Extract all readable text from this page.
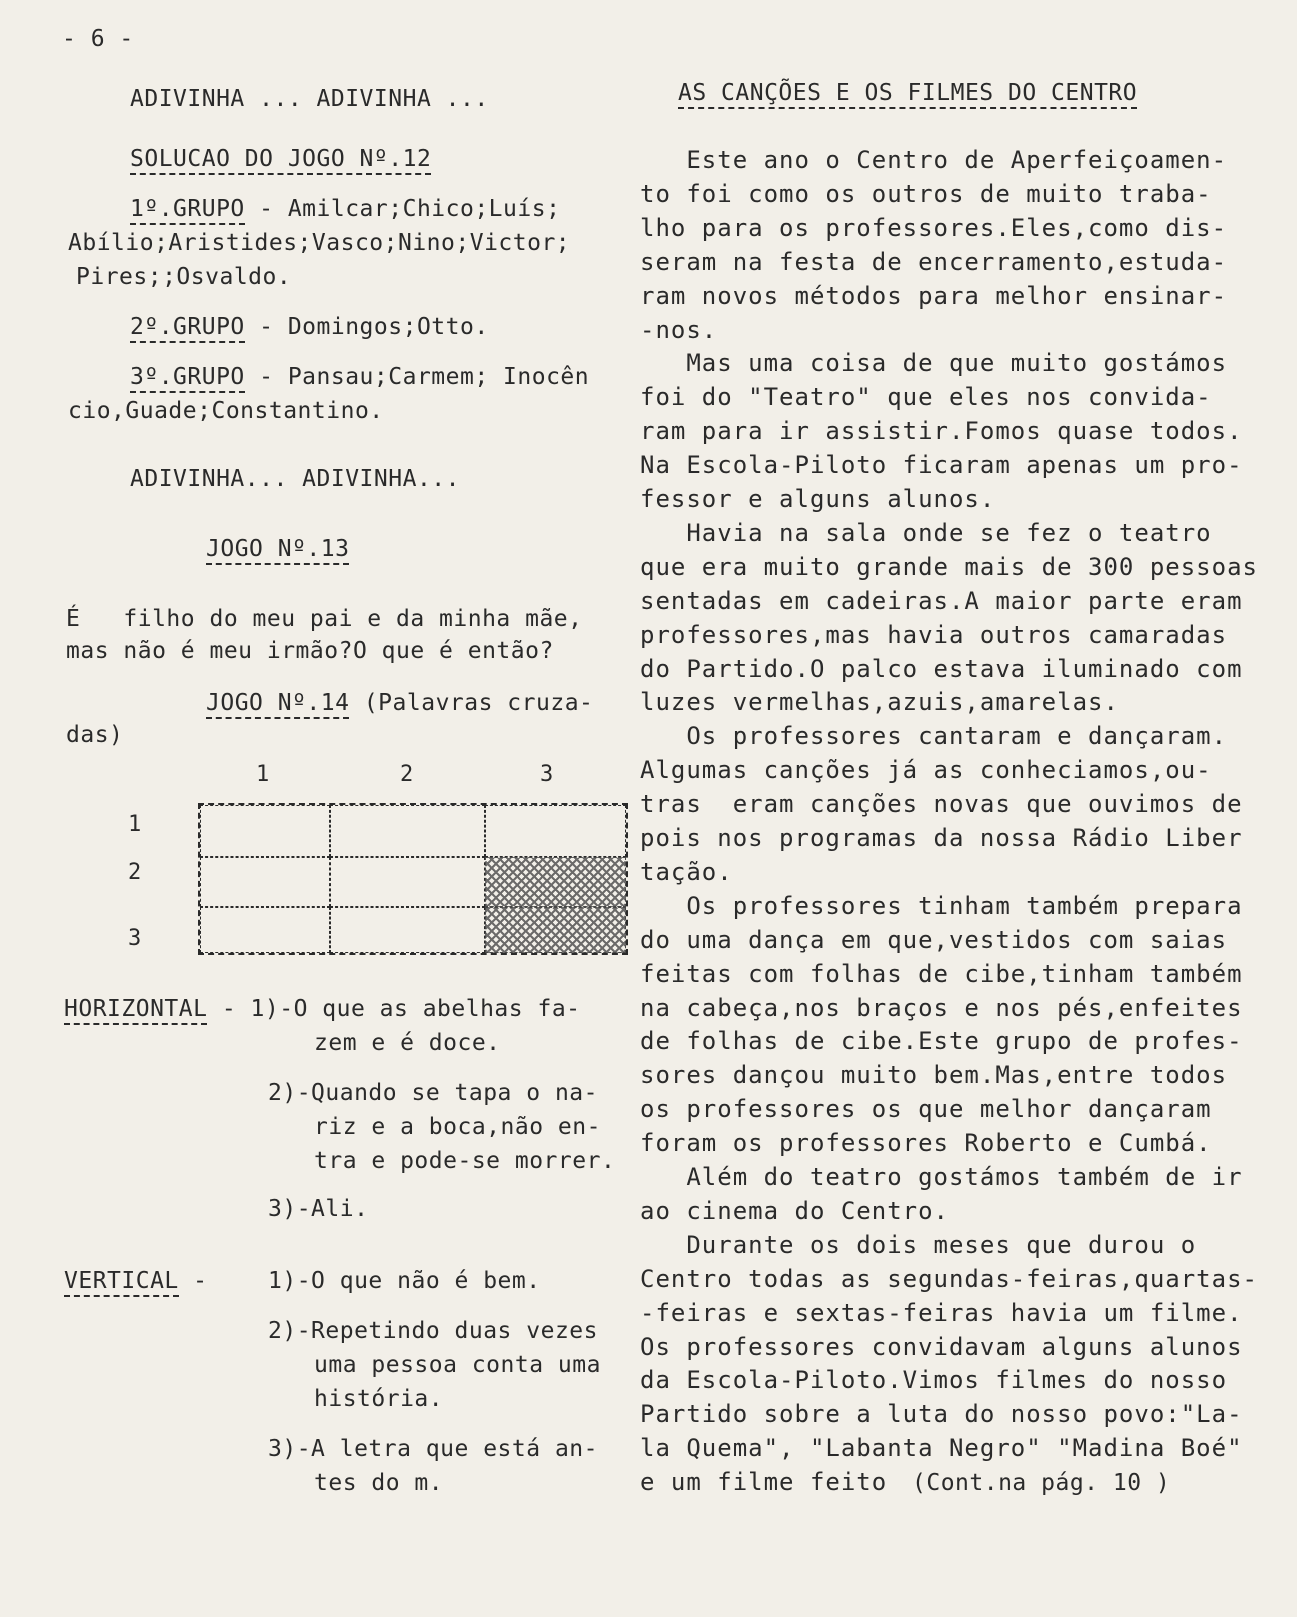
- 6 -
ADIVINHA ... ADIVINHA ...
SOLUCAO DO JOGO Nº.12
1º.GRUPO - Amilcar;Chico;Luís;
Abílio;Aristides;Vasco;Nino;Victor;
Pires;;Osvaldo.
2º.GRUPO - Domingos;Otto.
3º.GRUPO - Pansau;Carmem; Inocên
cio,Guade;Constantino.
ADIVINHA... ADIVINHA...
JOGO Nº.13
É   filho do meu pai e da minha mãe,
mas não é meu irmão?O que é então?
JOGO Nº.14 (Palavras cruza-
das)
1	2	3
1
2
3
HORIZONTAL - 1)-O que as abelhas fa-
zem e é doce.
2)-Quando se tapa o na-
riz e a boca,não en-
tra e pode-se morrer.
3)-Ali.
VERTICAL -	1)-O que não é bem.
2)-Repetindo duas vezes
uma pessoa conta uma
história.
3)-A letra que está an-
tes do m.
AS CANÇÕES E OS FILMES DO CENTRO
Este ano o Centro de Aperfeiçoamen-
to foi como os outros de muito traba-
lho para os professores.Eles,como dis-
seram na festa de encerramento,estuda-
ram novos métodos para melhor ensinar-
-nos.
Mas uma coisa de que muito gostámos
foi do "Teatro" que eles nos convida-
ram para ir assistir.Fomos quase todos.
Na Escola-Piloto ficaram apenas um pro-
fessor e alguns alunos.
Havia na sala onde se fez o teatro
que era muito grande mais de 300 pessoas
sentadas em cadeiras.A maior parte eram
professores,mas havia outros camaradas
do Partido.O palco estava iluminado com
luzes vermelhas,azuis,amarelas.
Os professores cantaram e dançaram.
Algumas canções já as conheciamos,ou-
tras  eram canções novas que ouvimos de
pois nos programas da nossa Rádio Liber
tação.
Os professores tinham também prepara
do uma dança em que,vestidos com saias
feitas com folhas de cibe,tinham também
na cabeça,nos braços e nos pés,enfeites
de folhas de cibe.Este grupo de profes-
sores dançou muito bem.Mas,entre todos
os professores os que melhor dançaram
foram os professores Roberto e Cumbá.
Além do teatro gostámos também de ir
ao cinema do Centro.
Durante os dois meses que durou o
Centro todas as segundas-feiras,quartas-
-feiras e sextas-feiras havia um filme.
Os professores convidavam alguns alunos
da Escola-Piloto.Vimos filmes do nosso
Partido sobre a luta do nosso povo:"La-
la Quema", "Labanta Negro" "Madina Boé"
e um filme feito (Cont.na pág. 10 )
